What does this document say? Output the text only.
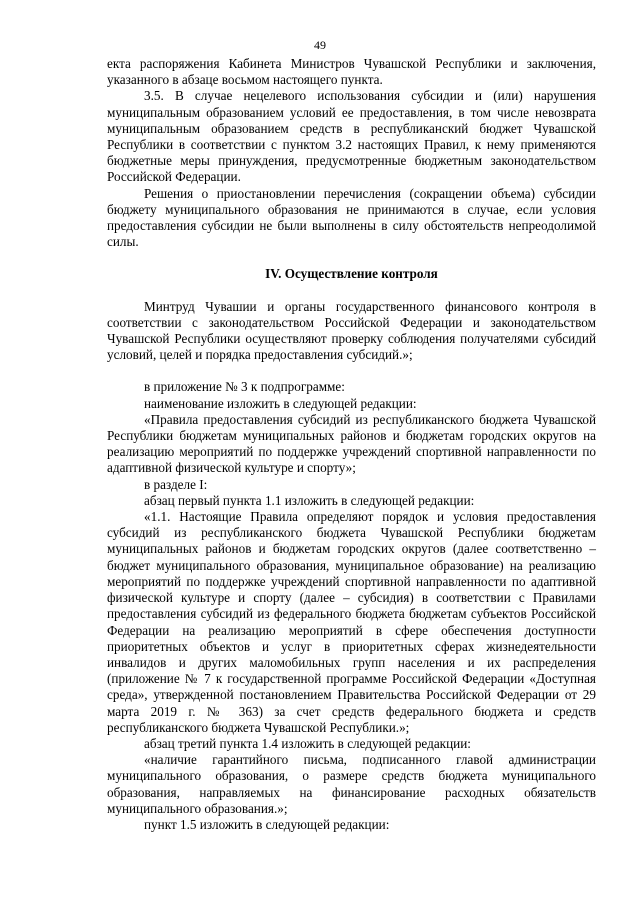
49

екта распоряжения Кабинета Министров Чувашской Республики и заключения, указанного в абзаце восьмом настоящего пункта.

3.5. В случае нецелевого использования субсидии и (или) нарушения муниципальным образованием условий ее предоставления, в том числе невозврата муниципальным образованием средств в республиканский бюджет Чувашской Республики в соответствии с пунктом 3.2 настоящих Правил, к нему применяются бюджетные меры принуждения, предусмотренные бюджетным законодательством Российской Федерации.

Решения о приостановлении перечисления (сокращении объема) субсидии бюджету муниципального образования не принимаются в случае, если условия предоставления субсидии не были выполнены в силу обстоятельств непреодолимой силы.

IV. Осуществление контроля

Минтруд Чувашии и органы государственного финансового контроля в соответствии с законодательством Российской Федерации и законодательством Чувашской Республики осуществляют проверку соблюдения получателями субсидий условий, целей и порядка предоставления субсидий.»;

в приложение № 3 к подпрограмме:

наименование изложить в следующей редакции:

«Правила предоставления субсидий из республиканского бюджета Чувашской Республики бюджетам муниципальных районов и бюджетам городских округов на реализацию мероприятий по поддержке учреждений спортивной направленности по адаптивной физической культуре и спорту»;

в разделе I:

абзац первый пункта 1.1 изложить в следующей редакции:

«1.1. Настоящие Правила определяют порядок и условия предоставления субсидий из республиканского бюджета Чувашской Республики бюджетам муниципальных районов и бюджетам городских округов (далее соответственно – бюджет муниципального образования, муниципальное образование) на реализацию мероприятий по поддержке учреждений спортивной направленности по адаптивной физической культуре и спорту (далее – субсидия) в соответствии с Правилами предоставления субсидий из федерального бюджета бюджетам субъектов Российской Федерации на реализацию мероприятий в сфере обеспечения доступности приоритетных объектов и услуг в приоритетных сферах жизнедеятельности инвалидов и других маломобильных групп населения и их распределения (приложение № 7 к государственной программе Российской Федерации «Доступная среда», утвержденной постановлением Правительства Российской Федерации от 29 марта 2019 г. № 363) за счет средств федерального бюджета и средств республиканского бюджета Чувашской Республики.»;

абзац третий пункта 1.4 изложить в следующей редакции:

«наличие гарантийного письма, подписанного главой администрации муниципального образования, о размере средств бюджета муниципального образования, направляемых на финансирование расходных обязательств муниципального образования.»;

пункт 1.5 изложить в следующей редакции:
